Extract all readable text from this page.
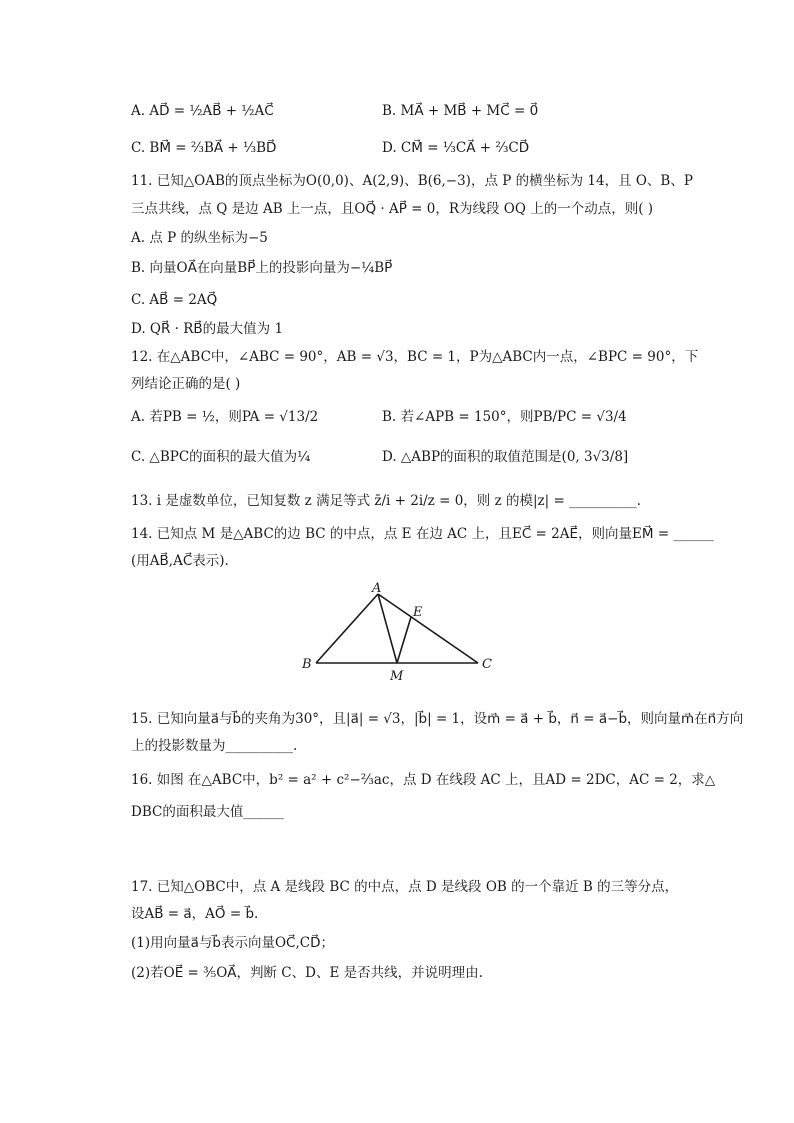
A. AD⃗ = ½AB⃗ + ½AC⃗	B. MA⃗ + MB⃗ + MC⃗ = 0⃗
C. BM⃗ = ⅔BA⃗ + ⅓BD⃗	D. CM⃗ = ⅓CA⃗ + ⅔CD⃗
11. 已知△OAB的顶点坐标为O(0,0)、A(2,9)、B(6,−3)，点 P 的横坐标为 14，且 O、B、P
三点共线，点 Q 是边 AB 上一点，且OQ⃗ · AP⃗ = 0，R为线段 OQ 上的一个动点，则( )
A. 点 P 的纵坐标为−5
B. 向量OA⃗在向量BP⃗上的投影向量为−¼BP⃗
C. AB⃗ = 2AQ⃗
D. QR⃗ · RB⃗的最大值为 1
12. 在△ABC中，∠ABC = 90°，AB = √3，BC = 1，P为△ABC内一点，∠BPC = 90°，下
列结论正确的是( )
A. 若PB = ½，则PA = √13/2	B. 若∠APB = 150°，则PB/PC = √3/4
C. △BPC的面积的最大值为¼	D. △ABP的面积的取值范围是(0, 3√3/8]
13. i 是虚数单位，已知复数 z 满足等式 z̄/i + 2i/z = 0，则 z 的模|z| = __________.
14. 已知点 M 是△ABC的边 BC 的中点，点 E 在边 AC 上，且EC⃗ = 2AE⃗，则向量EM⃗ = ______
(用AB⃗,AC⃗表示).
A
B	C
E
M
15. 已知向量a⃗与b⃗的夹角为30°，且|a⃗| = √3，|b⃗| = 1，设m⃗ = a⃗ + b⃗，n⃗ = a⃗−b⃗，则向量m⃗在n⃗方向
上的投影数量为__________.
16. 如图 在△ABC中，b² = a² + c²−⅔ac，点 D 在线段 AC 上，且AD = 2DC，AC = 2，求△
DBC的面积最大值______
17. 已知△OBC中，点 A 是线段 BC 的中点，点 D 是线段 OB 的一个靠近 B 的三等分点，
设AB⃗ = a⃗，AO⃗ = b⃗.
(1)用向量a⃗与b⃗表示向量OC⃗,CD⃗；
(2)若OE⃗ = ⅗OA⃗，判断 C、D、E 是否共线，并说明理由.
